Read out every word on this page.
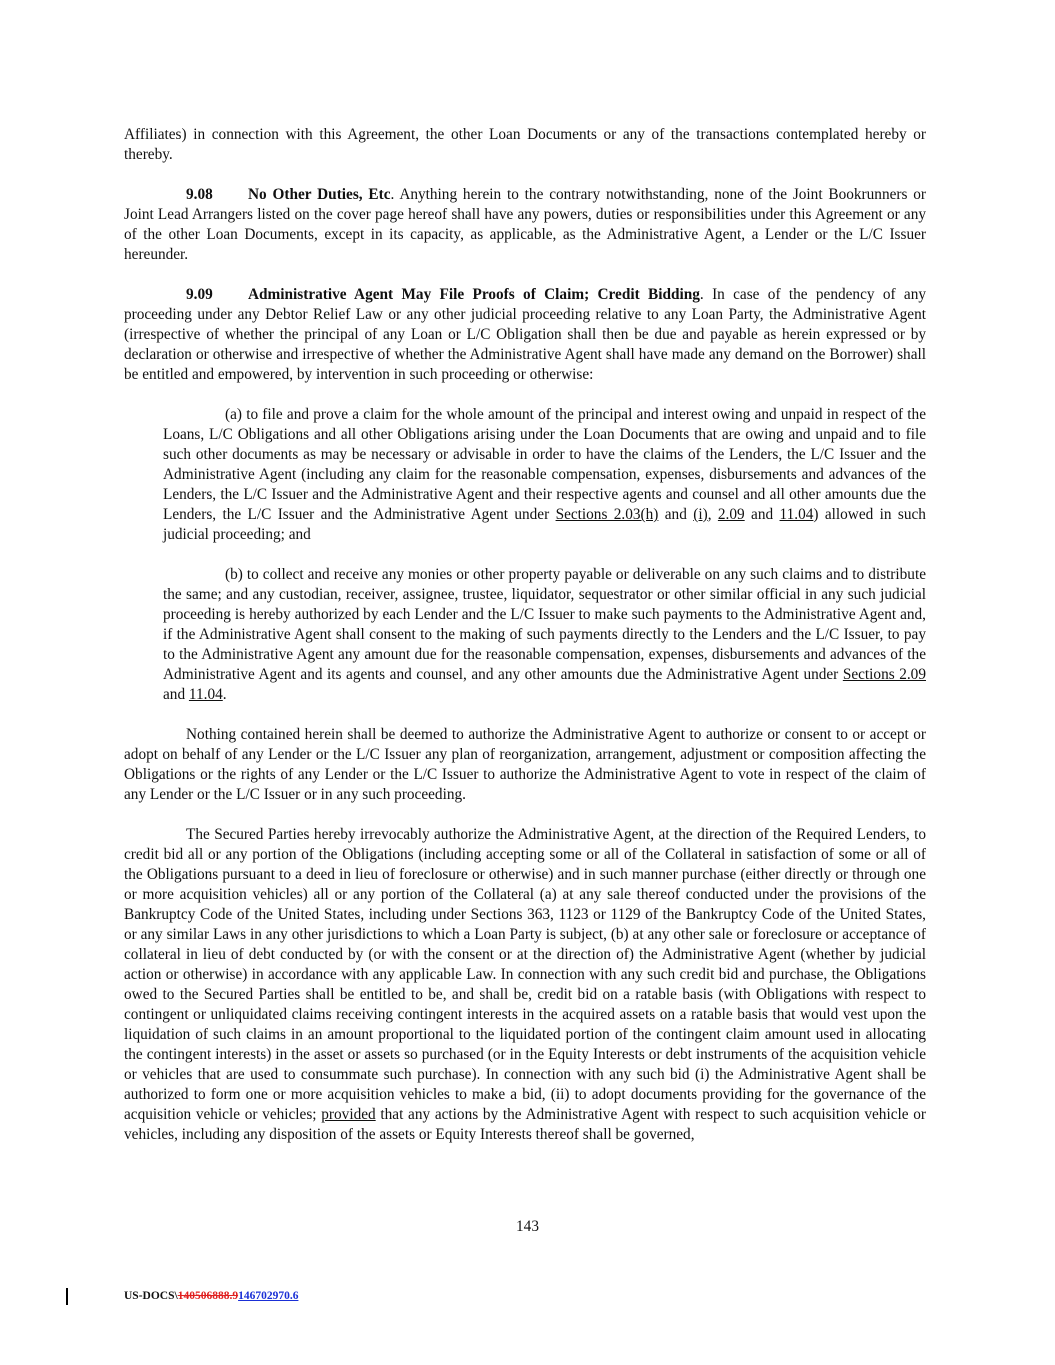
Affiliates) in connection with this Agreement, the other Loan Documents or any of the transactions contemplated hereby or thereby.

9.08 No Other Duties, Etc. Anything herein to the contrary notwithstanding, none of the Joint Bookrunners or Joint Lead Arrangers listed on the cover page hereof shall have any powers, duties or responsibilities under this Agreement or any of the other Loan Documents, except in its capacity, as applicable, as the Administrative Agent, a Lender or the L/C Issuer hereunder.

9.09 Administrative Agent May File Proofs of Claim; Credit Bidding. In case of the pendency of any proceeding under any Debtor Relief Law or any other judicial proceeding relative to any Loan Party, the Administrative Agent (irrespective of whether the principal of any Loan or L/C Obligation shall then be due and payable as herein expressed or by declaration or otherwise and irrespective of whether the Administrative Agent shall have made any demand on the Borrower) shall be entitled and empowered, by intervention in such proceeding or otherwise:

(a) to file and prove a claim for the whole amount of the principal and interest owing and unpaid in respect of the Loans, L/C Obligations and all other Obligations arising under the Loan Documents that are owing and unpaid and to file such other documents as may be necessary or advisable in order to have the claims of the Lenders, the L/C Issuer and the Administrative Agent (including any claim for the reasonable compensation, expenses, disbursements and advances of the Lenders, the L/C Issuer and the Administrative Agent and their respective agents and counsel and all other amounts due the Lenders, the L/C Issuer and the Administrative Agent under Sections 2.03(h) and (i), 2.09 and 11.04) allowed in such judicial proceeding; and

(b) to collect and receive any monies or other property payable or deliverable on any such claims and to distribute the same; and any custodian, receiver, assignee, trustee, liquidator, sequestrator or other similar official in any such judicial proceeding is hereby authorized by each Lender and the L/C Issuer to make such payments to the Administrative Agent and, if the Administrative Agent shall consent to the making of such payments directly to the Lenders and the L/C Issuer, to pay to the Administrative Agent any amount due for the reasonable compensation, expenses, disbursements and advances of the Administrative Agent and its agents and counsel, and any other amounts due the Administrative Agent under Sections 2.09 and 11.04.

Nothing contained herein shall be deemed to authorize the Administrative Agent to authorize or consent to or accept or adopt on behalf of any Lender or the L/C Issuer any plan of reorganization, arrangement, adjustment or composition affecting the Obligations or the rights of any Lender or the L/C Issuer to authorize the Administrative Agent to vote in respect of the claim of any Lender or the L/C Issuer or in any such proceeding.

The Secured Parties hereby irrevocably authorize the Administrative Agent, at the direction of the Required Lenders, to credit bid all or any portion of the Obligations (including accepting some or all of the Collateral in satisfaction of some or all of the Obligations pursuant to a deed in lieu of foreclosure or otherwise) and in such manner purchase (either directly or through one or more acquisition vehicles) all or any portion of the Collateral (a) at any sale thereof conducted under the provisions of the Bankruptcy Code of the United States, including under Sections 363, 1123 or 1129 of the Bankruptcy Code of the United States, or any similar Laws in any other jurisdictions to which a Loan Party is subject, (b) at any other sale or foreclosure or acceptance of collateral in lieu of debt conducted by (or with the consent or at the direction of) the Administrative Agent (whether by judicial action or otherwise) in accordance with any applicable Law. In connection with any such credit bid and purchase, the Obligations owed to the Secured Parties shall be entitled to be, and shall be, credit bid on a ratable basis (with Obligations with respect to contingent or unliquidated claims receiving contingent interests in the acquired assets on a ratable basis that would vest upon the liquidation of such claims in an amount proportional to the liquidated portion of the contingent claim amount used in allocating the contingent interests) in the asset or assets so purchased (or in the Equity Interests or debt instruments of the acquisition vehicle or vehicles that are used to consummate such purchase). In connection with any such bid (i) the Administrative Agent shall be authorized to form one or more acquisition vehicles to make a bid, (ii) to adopt documents providing for the governance of the acquisition vehicle or vehicles; provided that any actions by the Administrative Agent with respect to such acquisition vehicle or vehicles, including any disposition of the assets or Equity Interests thereof shall be governed,

143
US-DOCS\140506888.9146702970.6
